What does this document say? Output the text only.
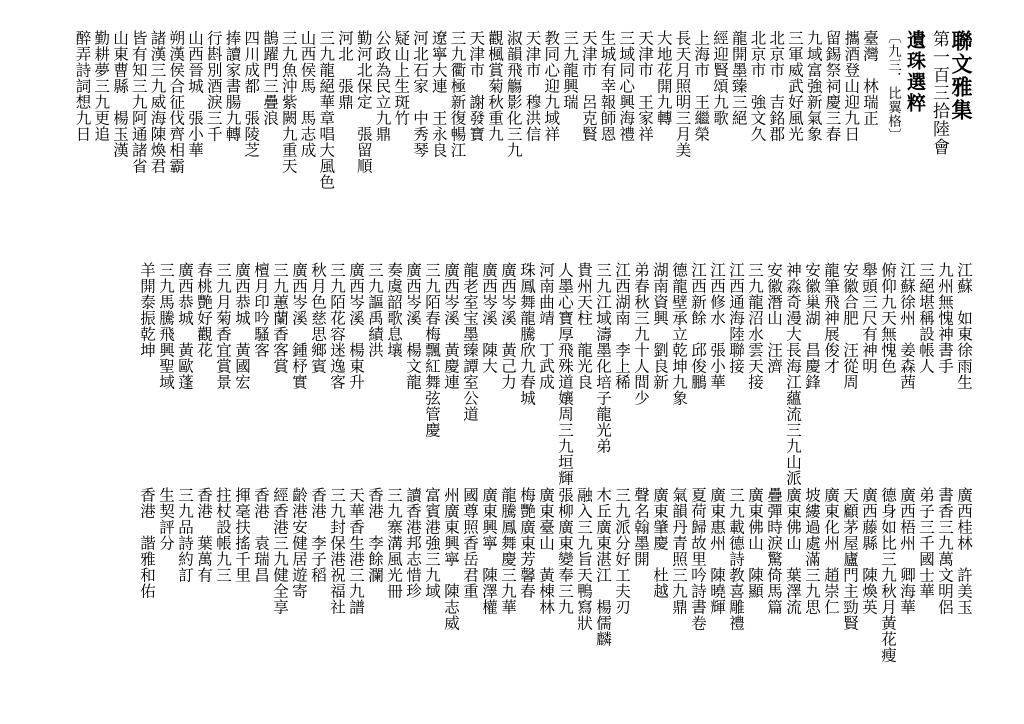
聯文雅集
第一百三拾陸會
遺珠選粹
〔九三．比翼格〕
臺灣　林瑞正
攜酒登山迎九日
留錫祭祠慶三春
九域富強新氣象
三軍威武好風光
北京市　吉銘郡
北京市　強文久
龍開墨臻三絕
經迎賢頌九歌
上海市　王繼榮
長天月照明三月美
大地花開九轉
天津市　王家祥
三域同心興海禮
生城有幸報師恩
天津市　呂克賢
三九龍興瑞
教同心迎九域祥
天津市　穆洪信
淑韻飛觴影化三九
觀楓賞菊秋重九
天津市　謝發寶
三九衢極新復暢江
遼寧大連　王永良
河北石家　中秀琴
疑山上生斑竹
公政為民立九鼎
勤河北保定　張留順
河北　張鼎
三九龍絕華章唱大風色
山西侯馬　馬志成
三九魚沖紫闕九重天
鵲躍門三疊浪
四川成都　張陵芝
捧讀家書腸九轉
行斟別酒淚三千
山西晉城　張小華
朔漢侯合征伐齊相霸
諸漢三九威海陳煥君
皆有知三九阿通諸省
山東曹縣　楊玉漢
勤耕夢三九更追
醉弄詩詞想九日
江蘇　如東徐雨生
九州無愧神書手
三絕堪稱設帳人
江蘇徐州　姜森茜
俯仰九天無愧色
舉頭三尺有神明
安徽合肥　汪從周
龍筆飛神展俊才
安徽巢湖　昌慶鋒
神淼奇漫大長海江蘊流三九山派
安徽潛山　汪濟
三九龍沼水雲天接
江西通海陸聯接
江西修水　張小華
江西新餘　邱俊鵬
德龍壁承立乾坤九象
湖南資興　劉良新
弟春秋三九十人間少
江西湖南　李上稀
三九江域濤墨化培子龍光弟
貴州天柱　龍光良
人墨心寶厚飛殊道孃周三九垣輝
河南曲靖　丁武成
珠鳳舞龍騰欣九春城
廣西岑溪　黃己力
廣西岑溪　陳大
龍老室宝墨臻譚室公道
廣西岑溪　黃慶連
三九陌春梅飄紅舞弦管慶
廣西岑溪　楊文龍
奏虞韶歌息壤
三九謳禹績洪
廣西岑溪　楊東升
三九陌花容迷逸客
秋月色慈思鄉賓
廣西岑溪　鍾杼實
三九蕙蘭香客賞
檀月印吟騷客
廣西恭城　黃國宏
三九月菊香宜賞景
春桃艷好觀花
廣西恭城　黃歐蓬
三九馬騰飛興聖域
羊開泰振乾坤
廣西桂林　許美玉
書香三九萬文明侶
弟子三千國士華
廣西梧州　卿海華
德身如比三九秋月黃花瘦
廣西藤縣　陳煥英
天顧茅屋廬門主勁賢
廣東化州　趙崇仁
坡縷過處滿三九思
廣東佛山　葉澤流
疊彈時淚驚倚馬篇
廣東佛山　陳顯
三九載德詩教喜雕禮
廣東惠州　陳曉輝
夏荷歸故里吟詩書卷
氣韻丹青照三九鼎
廣東肇慶　杜越
聲名翰墨開
三九派分好工夫刃
木丘廣東湛江　楊儒麟
融入三九旨天鴨寫狀
張柳廣東變奉三九
廣東臺山　黃棟林
梅艷廣東芳馨春
龍騰鳳舞慶三九華
廣東興寧　陳澤權
國尊照香岳君重
州廣東興寧　陳志威
富賓港強三九域
讀香港邦志惜珍
三九寨溝風光冊
香港　李餘瀾
天華香生港三九譜
三九封保港祝福社
香港　李子稻
齡港安健居遊寄
經香港三九健全享
香港　袁瑞昌
揮毫扶搖千里
拄杖設帳九三
香港　葉萬有
三九品詩約訂
生契評分
香港　諧雅和佑
